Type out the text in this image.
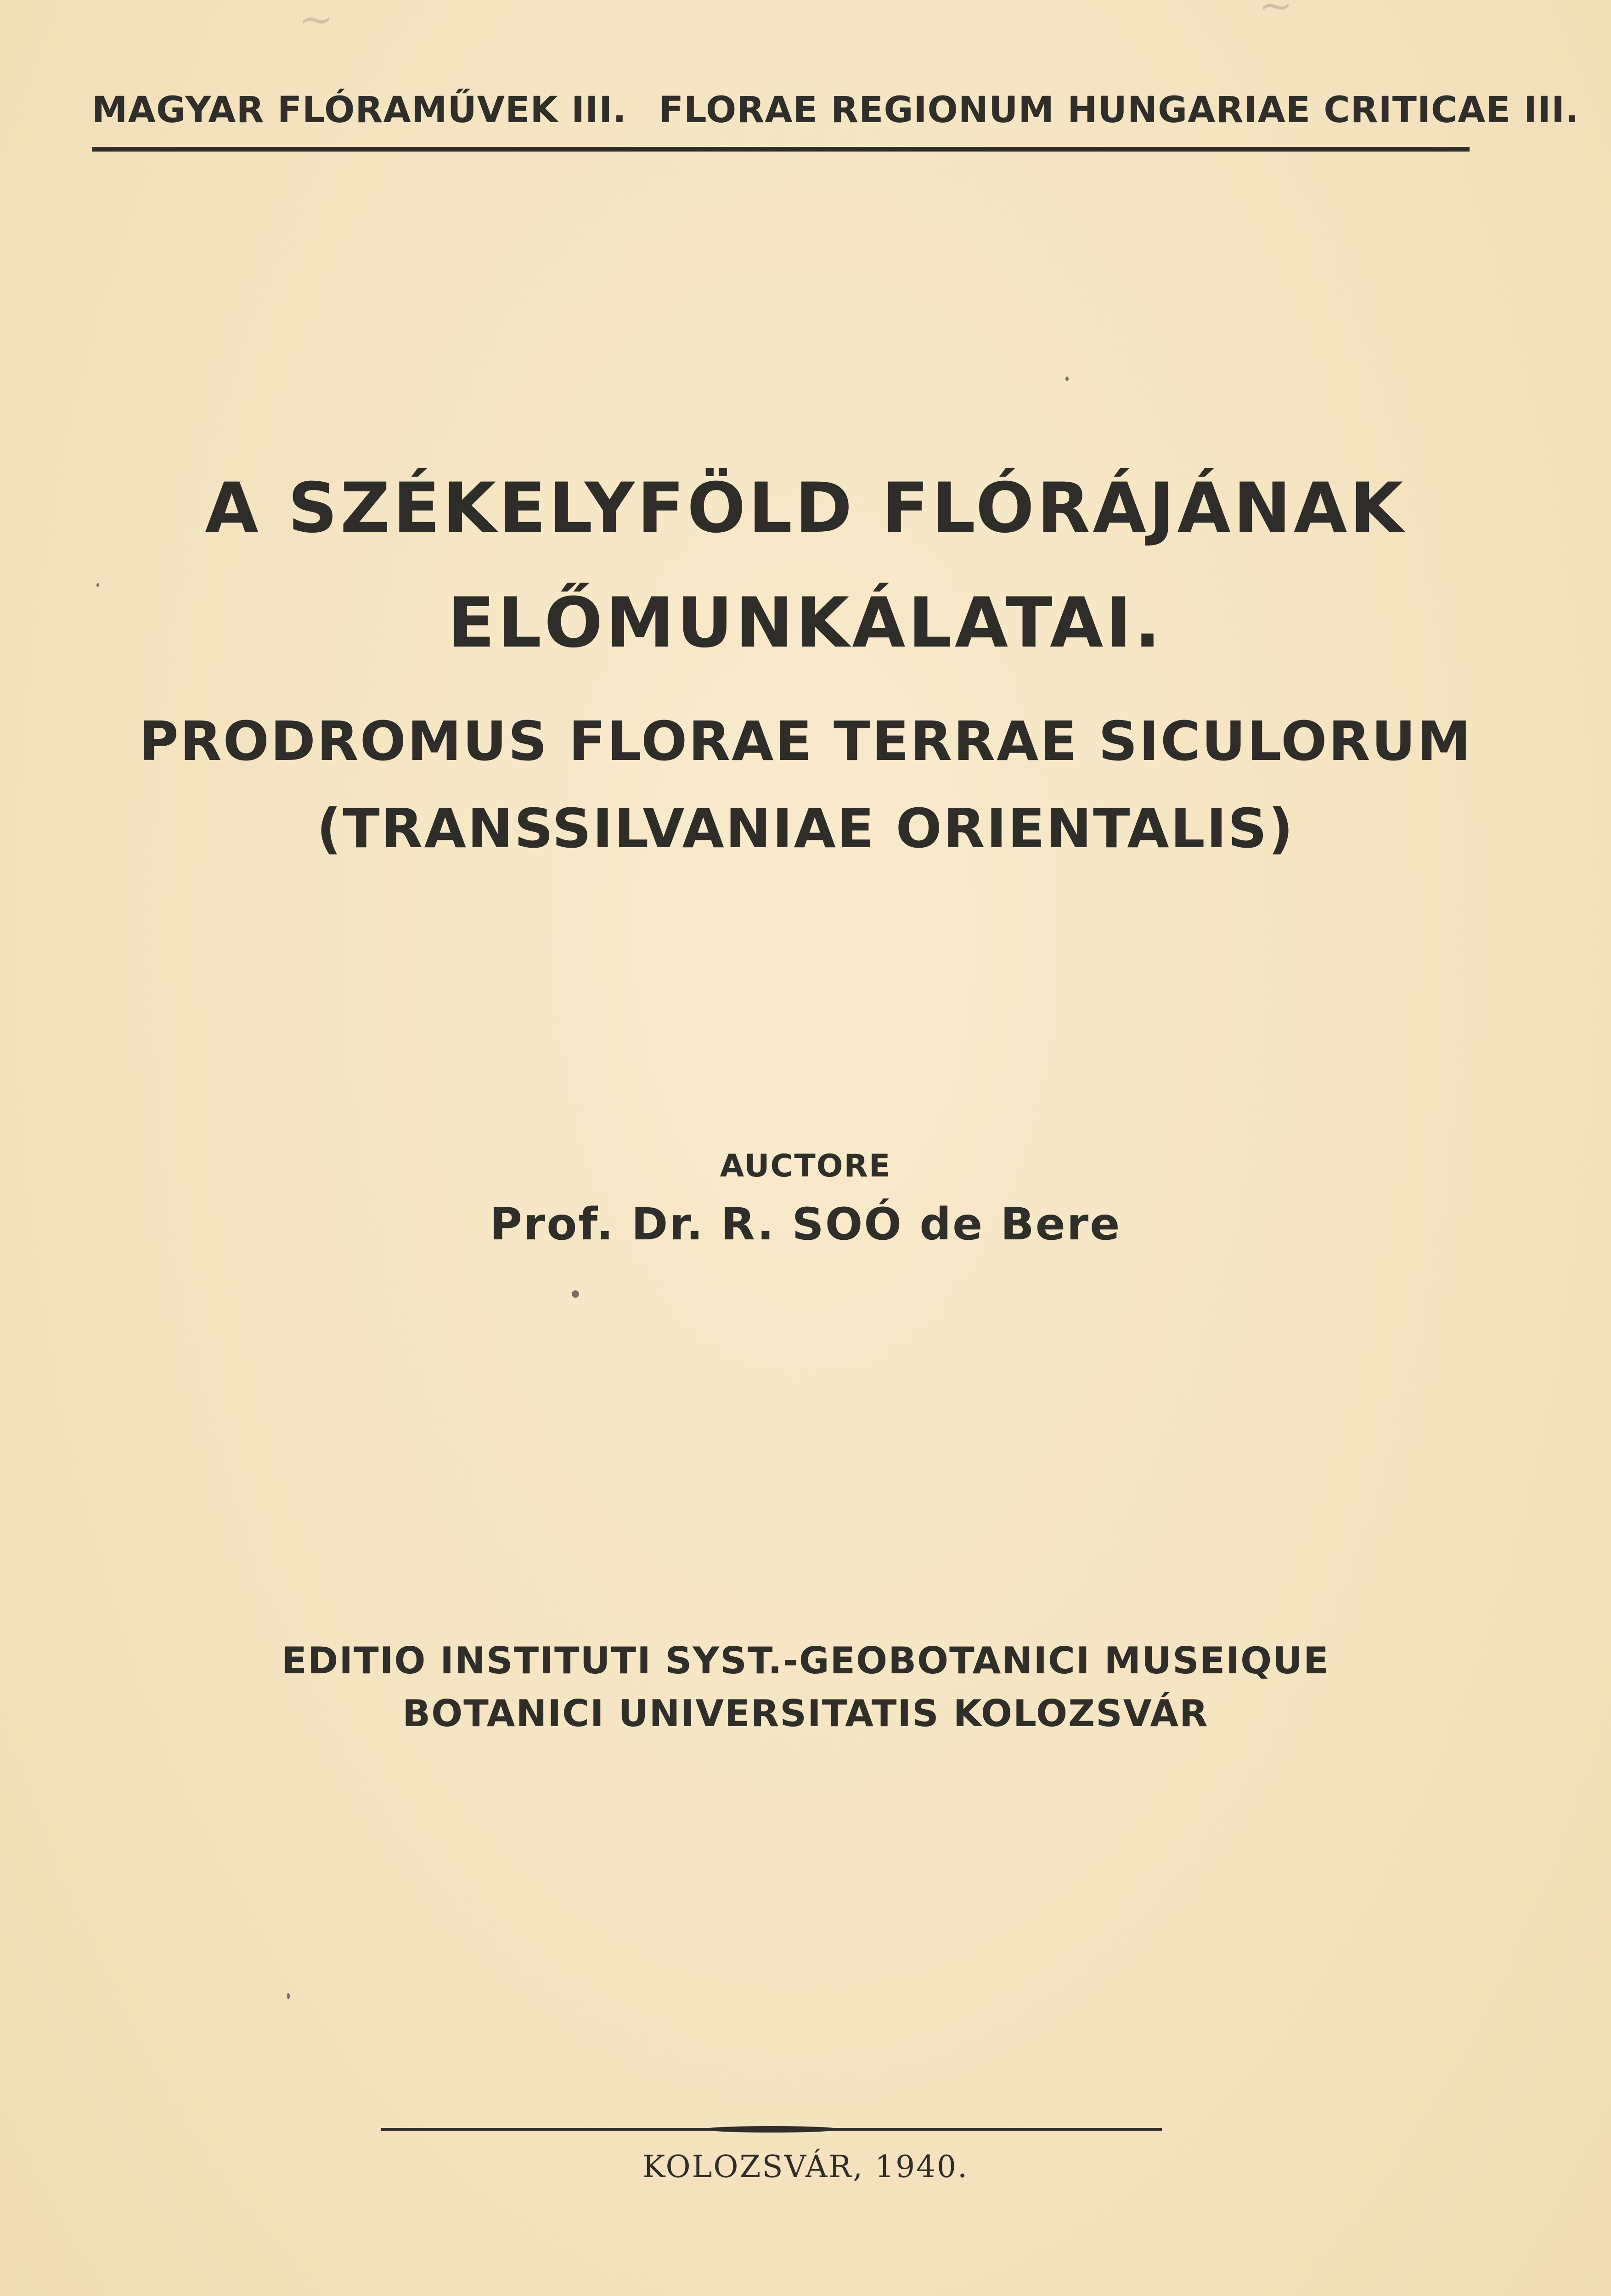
~	~
MAGYAR FLÓRAMŰVEK III. FLORAE REGIONUM HUNGARIAE CRITICAE III.
A SZÉKELYFÖLD FLÓRÁJÁNAK
ELŐMUNKÁLATAI.
PRODROMUS FLORAE TERRAE SICULORUM
(TRANSSILVANIAE ORIENTALIS)
AUCTORE
Prof. Dr. R. SOÓ de Bere
EDITIO INSTITUTI SYST.-GEOBOTANICI MUSEIQUE
BOTANICI UNIVERSITATIS KOLOZSVÁR
KOLOZSVÁR, 1940.
